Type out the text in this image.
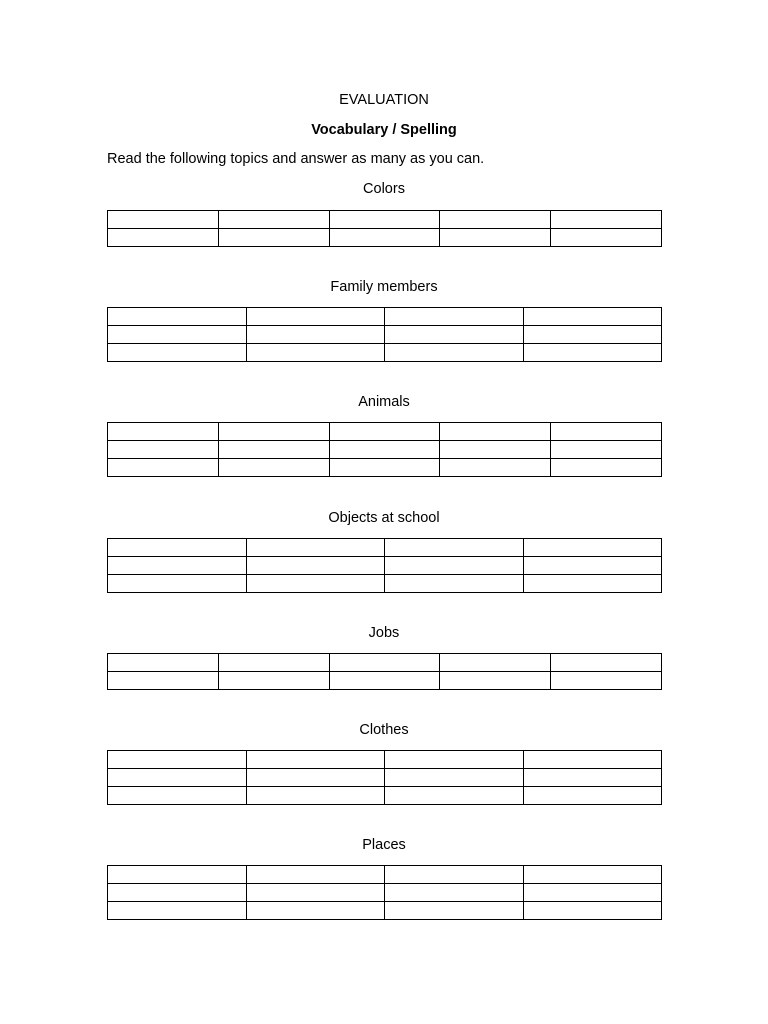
EVALUATION
Vocabulary / Spelling
Read the following topics and answer as many as you can.
Colors

Family members

Animals

Objects at school

Jobs

Clothes

Places
